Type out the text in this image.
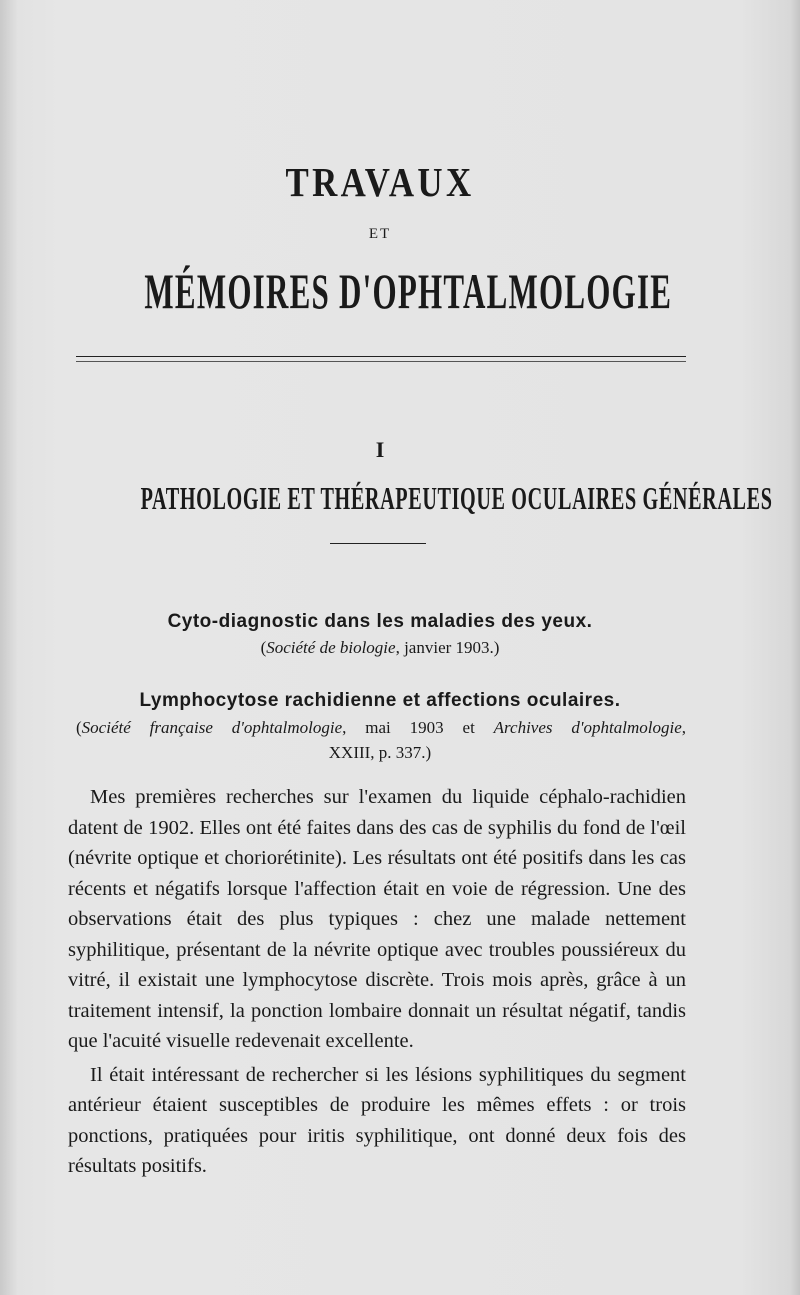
TRAVAUX
ET
MÉMOIRES D'OPHTALMOLOGIE
I
PATHOLOGIE ET THÉRAPEUTIQUE OCULAIRES GÉNÉRALES
Cyto-diagnostic dans les maladies des yeux.
(Société de biologie, janvier 1903.)
Lymphocytose rachidienne et affections oculaires.
(Société française d'ophtalmologie, mai 1903 et Archives d'ophtalmologie,
XXIII, p. 337.)

Mes premières recherches sur l'examen du liquide céphalo-rachidien datent de 1902. Elles ont été faites dans des cas de syphilis du fond de l'œil (névrite optique et choriorétinite). Les résultats ont été positifs dans les cas récents et négatifs lorsque l'affection était en voie de régression. Une des observations était des plus typiques : chez une malade nettement syphilitique, présentant de la névrite optique avec troubles poussiéreux du vitré, il existait une lymphocytose discrète. Trois mois après, grâce à un traitement intensif, la ponction lombaire donnait un résultat négatif, tandis que l'acuité visuelle redevenait excellente.

Il était intéressant de rechercher si les lésions syphilitiques du segment antérieur étaient susceptibles de produire les mêmes effets : or trois ponctions, pratiquées pour iritis syphilitique, ont donné deux fois des résultats positifs.
